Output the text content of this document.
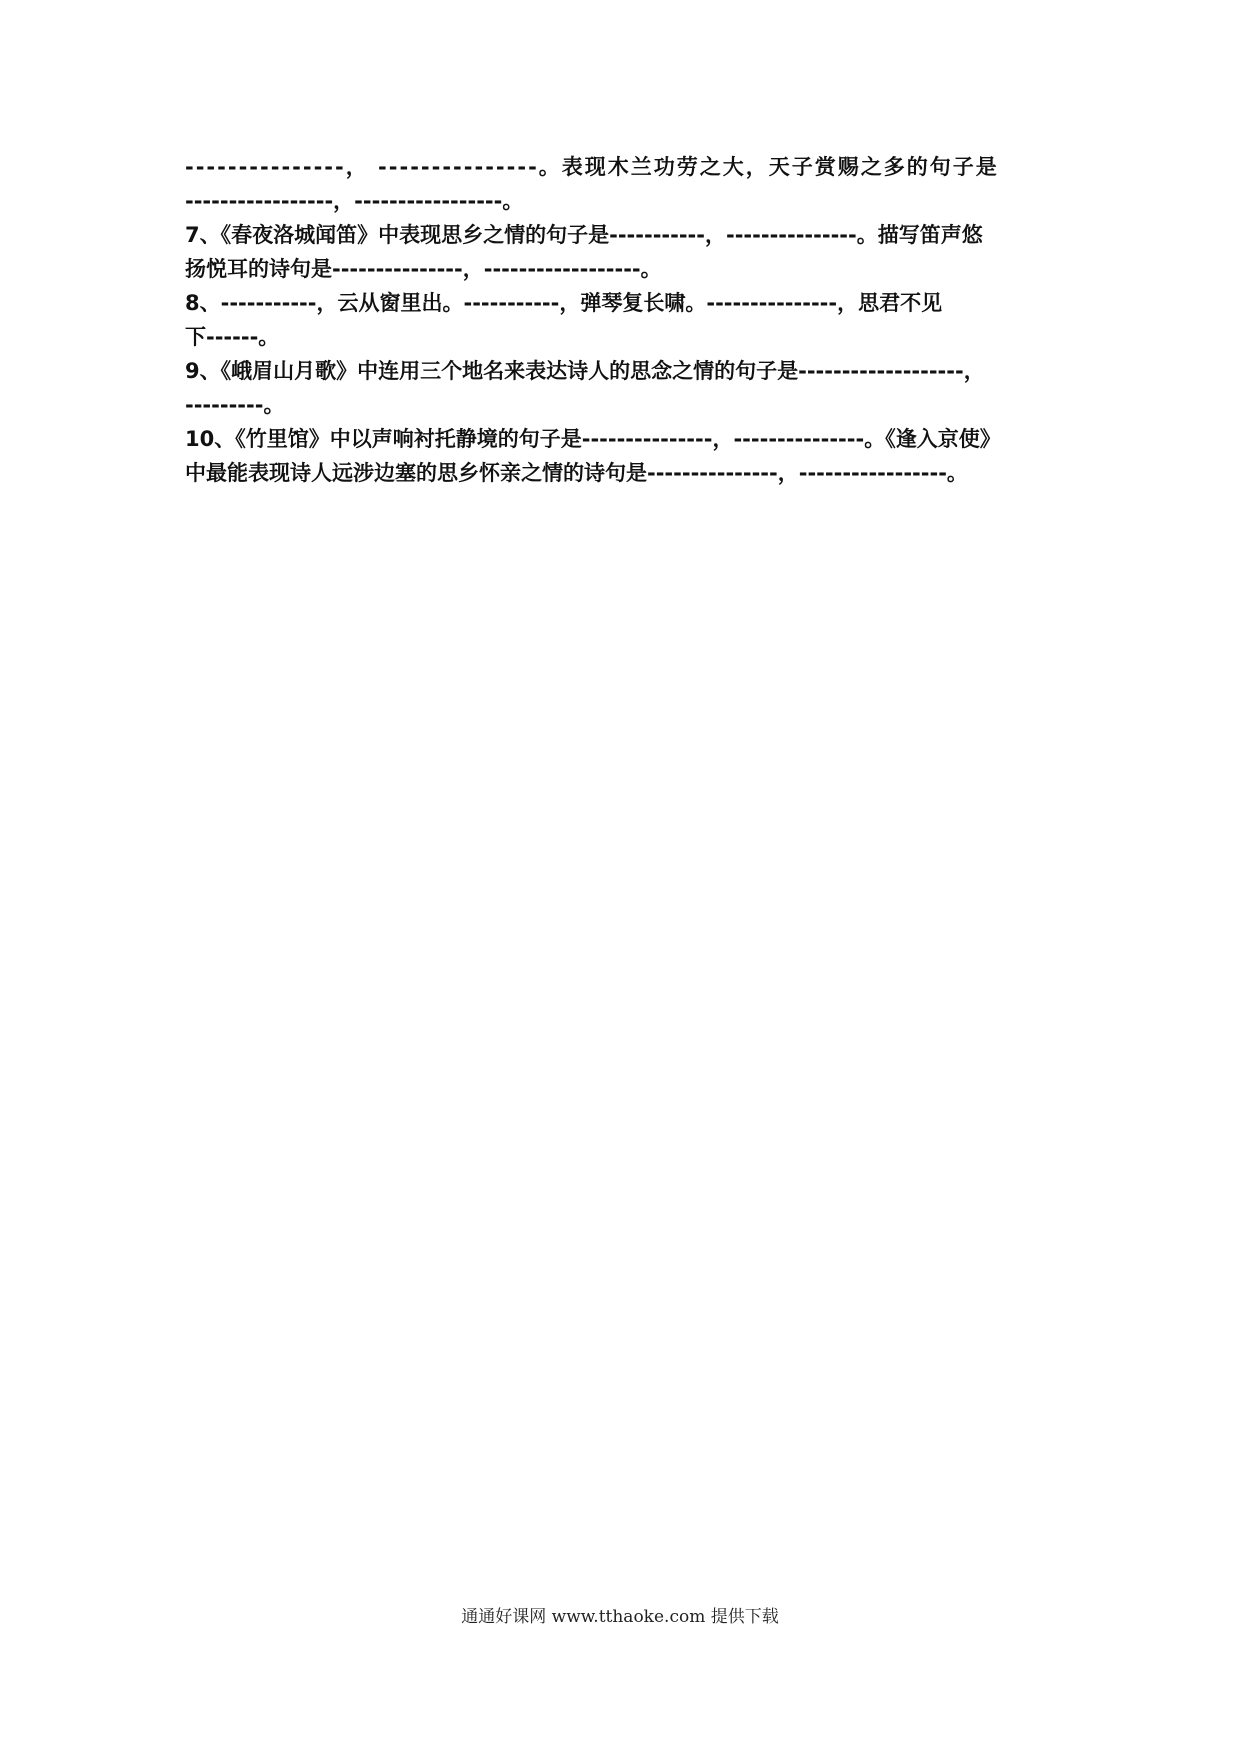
---------------， ---------------。表现木兰功劳之大，天子赏赐之多的句子是
-----------------，-----------------。
7、《春夜洛城闻笛》中表现思乡之情的句子是-----------，---------------。描写笛声悠
扬悦耳的诗句是---------------，------------------。
8、-----------，云从窗里出。-----------，弹琴复长啸。---------------，思君不见
下------。
9、《峨眉山月歌》中连用三个地名来表达诗人的思念之情的句子是-------------------，
---------。
10、《竹里馆》中以声响衬托静境的句子是---------------，---------------。《逢入京使》
中最能表现诗人远涉边塞的思乡怀亲之情的诗句是---------------，-----------------。
通通好课网 www.tthaoke.com 提供下载
